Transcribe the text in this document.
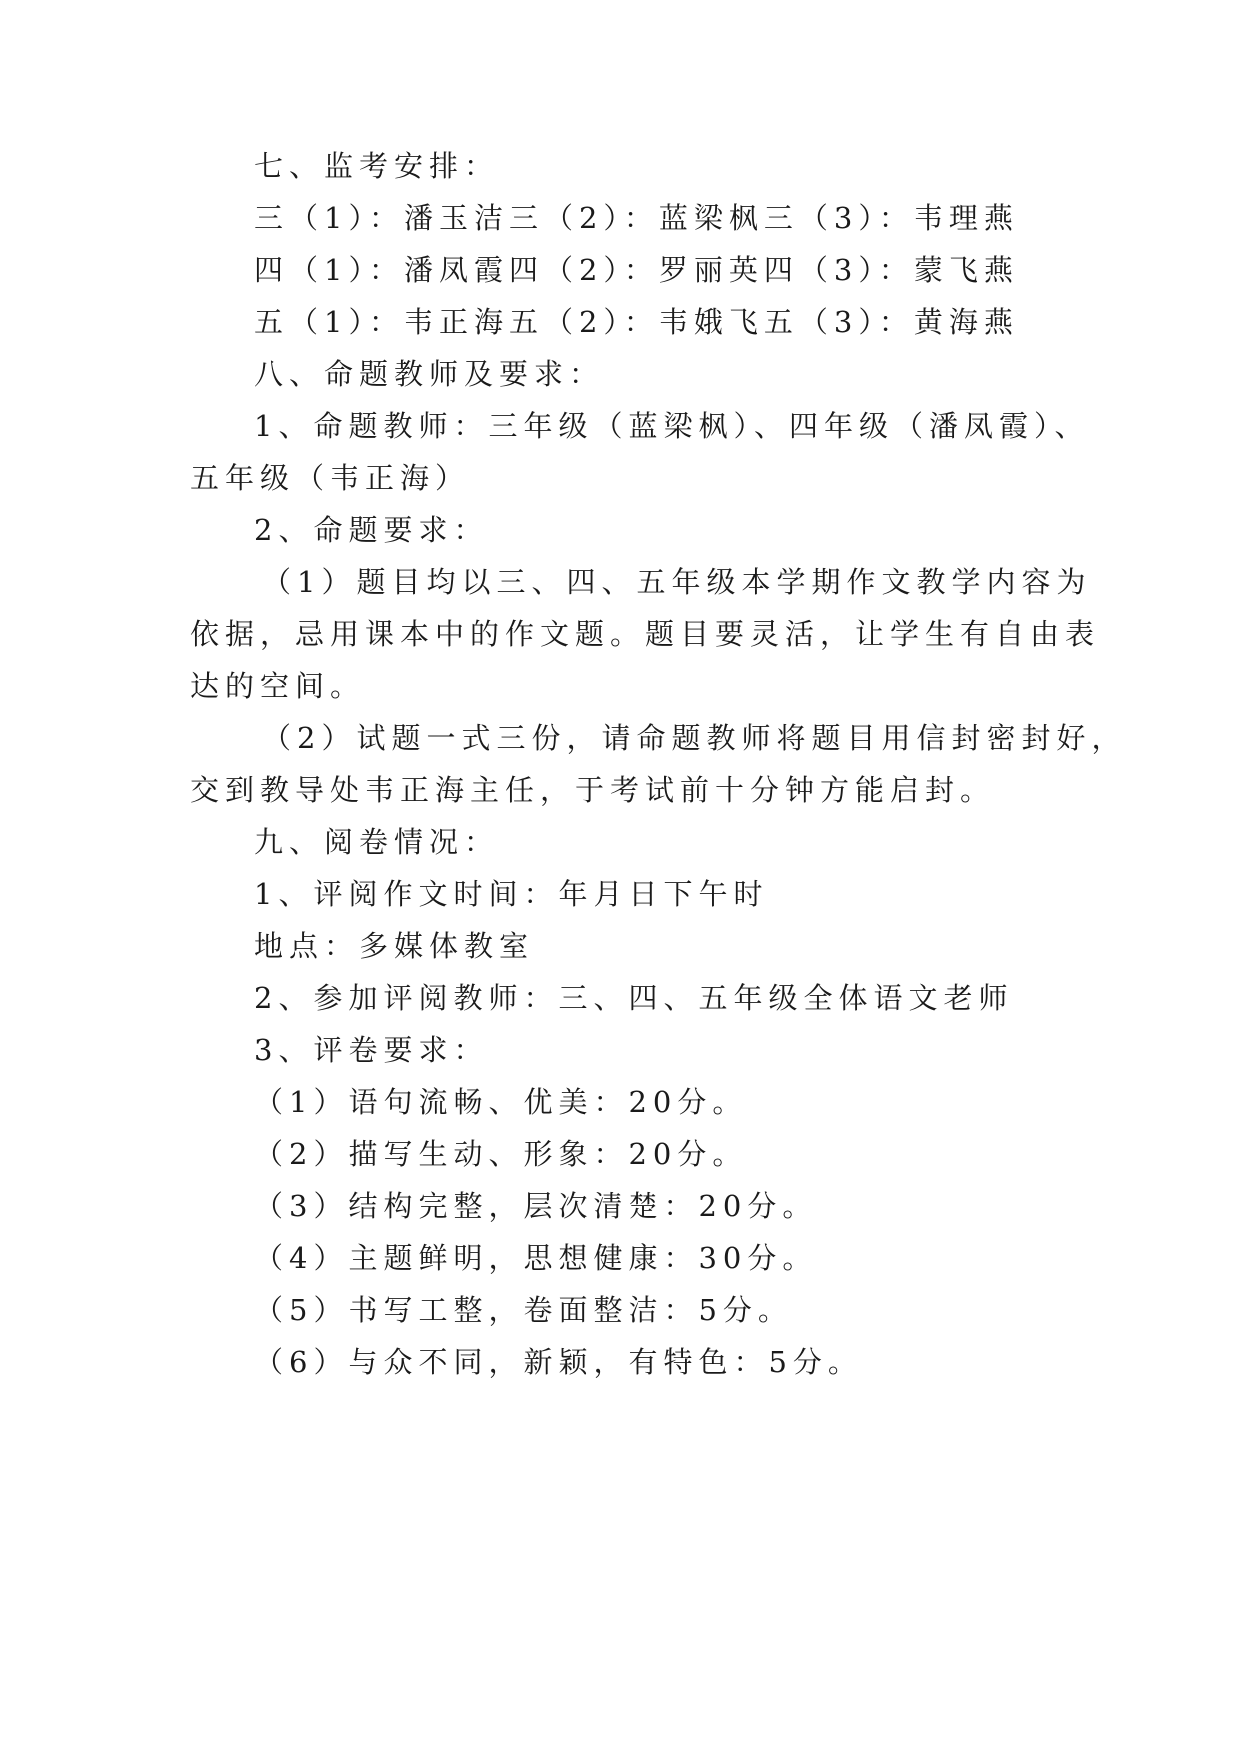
七、监考安排：

三（1）：潘玉洁三（2）：蓝梁枫三（3）：韦理燕

四（1）：潘凤霞四（2）：罗丽英四（3）：蒙飞燕

五（1）：韦正海五（2）：韦娥飞五（3）：黄海燕

八、命题教师及要求：

1、命题教师：三年级（蓝梁枫）、四年级（潘凤霞）、

五年级（韦正海）

2、命题要求：

（1）题目均以三、四、五年级本学期作文教学内容为

依据，忌用课本中的作文题。题目要灵活，让学生有自由表

达的空间。

（2）试题一式三份，请命题教师将题目用信封密封好，

交到教导处韦正海主任，于考试前十分钟方能启封。

九、阅卷情况：

1、评阅作文时间：年月日下午时

地点：多媒体教室

2、参加评阅教师：三、四、五年级全体语文老师

3、评卷要求：

（1）语句流畅、优美：20分。

（2）描写生动、形象：20分。

（3）结构完整，层次清楚：20分。

（4）主题鲜明，思想健康：30分。

（5）书写工整，卷面整洁：5分。

（6）与众不同，新颖，有特色：5分。
